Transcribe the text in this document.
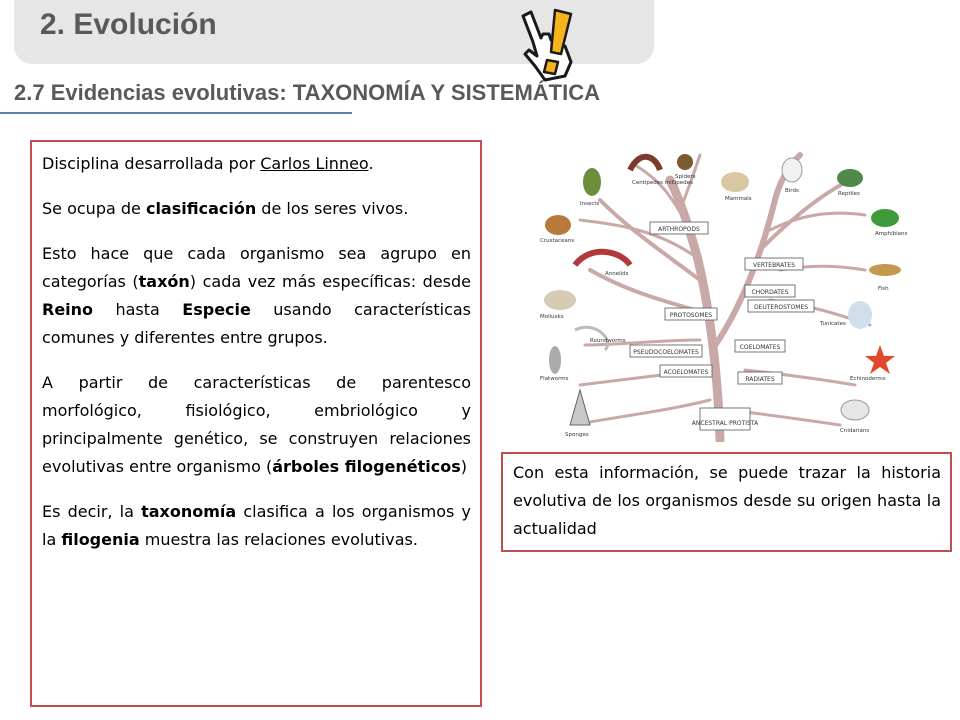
2. Evolución
2.7 Evidencias evolutivas: TAXONOMÍA Y SISTEMÁTICA

Disciplina desarrollada por Carlos Linneo.

Se ocupa de clasificación de los seres vivos.

Esto hace que cada organismo sea agrupo en categorías (taxón) cada vez más específicas: desde Reino hasta Especie usando características comunes y diferentes entre grupos.

A partir de características de parentesco morfológico, fisiológico, embriológico y principalmente genético, se construyen relaciones evolutivas entre organismo (árboles filogenéticos)

Es decir, la taxonomía clasifica a los organismos y la filogenia muestra las relaciones evolutivas.

ARTHROPODS
VERTEBRATES
CHORDATES
DEUTEROSTOMES
PROTOSOMES
COELOMATES
PSEUDOCOELOMATES
ACOELOMATES
RADIATES
ANCESTRAL PROTISTA
Insects
Centipedes millipedes
Spiders
Mammals
Birds	Reptiles
Amphibians
Crustaceans
Annelids
Fish
Mollusks
Tunicates
Roundworms
Echinoderms
Flatworms
Sponges
Cnidarians

Con esta información, se puede trazar la historia evolutiva de los organismos desde su origen hasta la actualidad
